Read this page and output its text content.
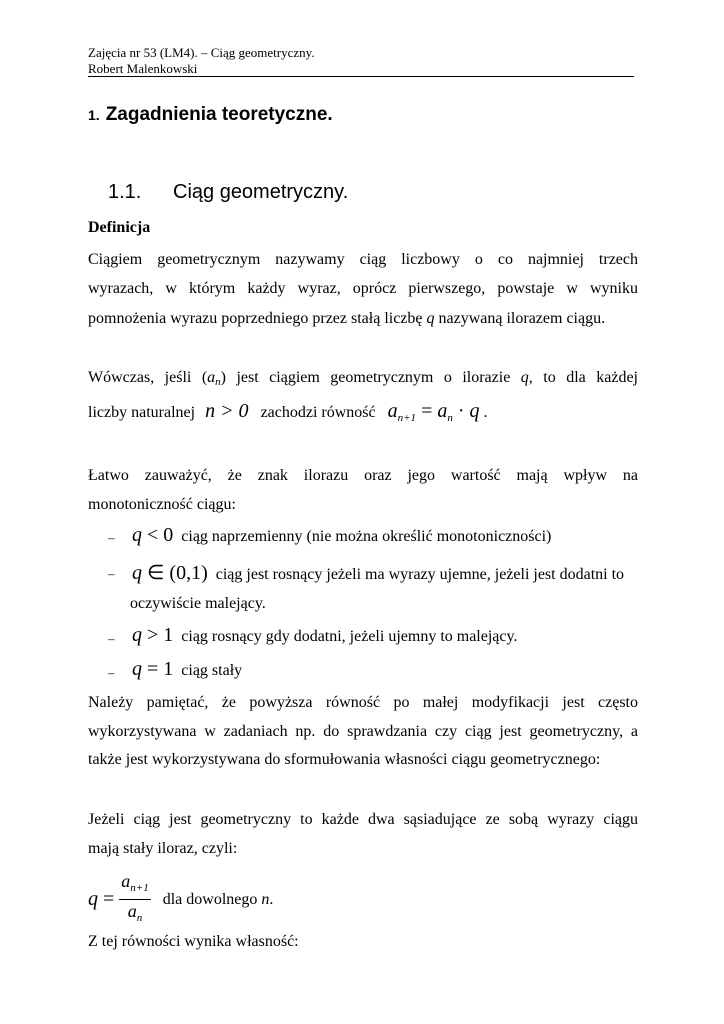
Zajęcia nr 53 (LM4). – Ciąg geometryczny.
Robert Malenkowski
1. Zagadnienia teoretyczne.
1.1. Ciąg geometryczny.
Definicja
Ciągiem geometrycznym nazywamy ciąg liczbowy o co najmniej trzech
wyrazach, w którym każdy wyraz, oprócz pierwszego, powstaje w wyniku
pomnożenia wyrazu poprzedniego przez stałą liczbę q nazywaną ilorazem ciągu.
Wówczas, jeśli $(a_n)$ jest ciągiem geometrycznym o ilorazie q, to dla każdej
liczby naturalnej n > 0 zachodzi równość $a_{n+1} = a_n \cdot q$ .
Łatwo zauważyć, że znak ilorazu oraz jego wartość mają wpływ na
monotoniczność ciągu:
– q < 0 ciąg naprzemienny (nie można określić monotoniczności)
– q ∈ (0,1) ciąg jest rosnący jeżeli ma wyrazy ujemne, jeżeli jest dodatni to
oczywiście malejący.
– q > 1 ciąg rosnący gdy dodatni, jeżeli ujemny to malejący.
– q = 1 ciąg stały
Należy pamiętać, że powyższa równość po małej modyfikacji jest często
wykorzystywana w zadaniach np. do sprawdzania czy ciąg jest geometryczny, a
także jest wykorzystywana do sformułowania własności ciągu geometrycznego:
Jeżeli ciąg jest geometryczny to każde dwa sąsiadujące ze sobą wyrazy ciągu
mają stały iloraz, czyli:
$q = \frac{a_{n+1}}{a_n}$ dla dowolnego n.
Z tej równości wynika własność:
